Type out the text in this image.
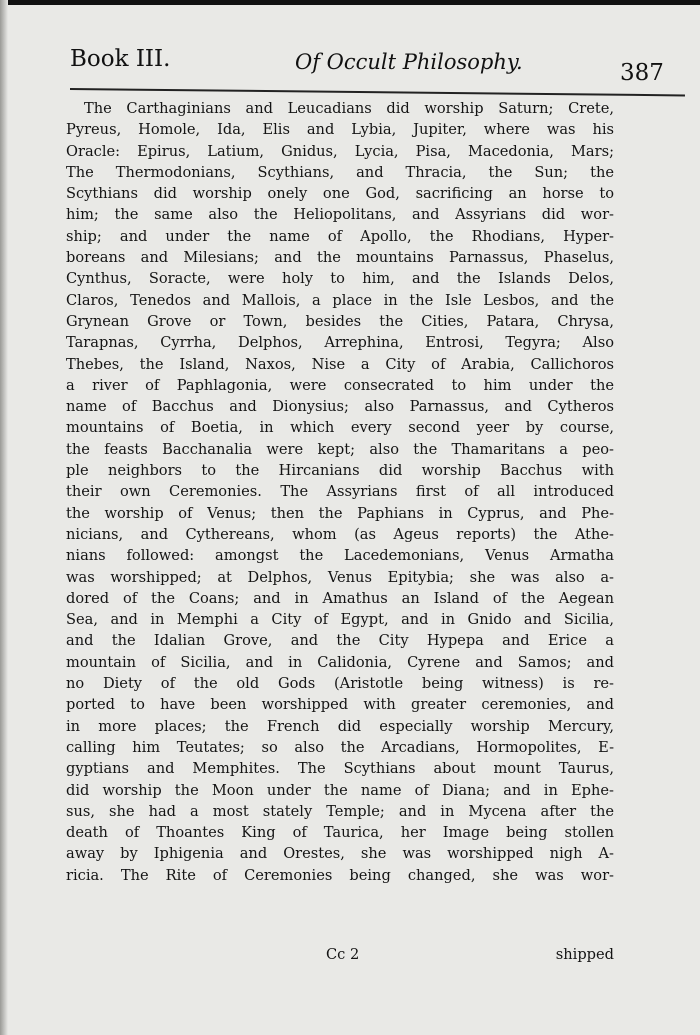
Book III.	Of Occult Philosophy.	387
The Carthaginians and Leucadians did worship Saturn; Crete,
Pyreus, Homole, Ida, Elis and Lybia, Jupiter, where was his
Oracle: Epirus, Latium, Gnidus, Lycia, Pisa, Macedonia, Mars;
The Thermodonians, Scythians, and Thracia, the Sun; the
Scythians did worship onely one God, sacrificing an horse to
him; the same also the Heliopolitans, and Assyrians did wor-
ship; and under the name of Apollo, the Rhodians, Hyper-
boreans and Milesians; and the mountains Parnassus, Phaselus,
Cynthus, Soracte, were holy to him, and the Islands Delos,
Claros, Tenedos and Mallois, a place in the Isle Lesbos, and the
Grynean Grove or Town, besides the Cities, Patara, Chrysa,
Tarapnas, Cyrrha, Delphos, Arrephina, Entrosi, Tegyra; Also
Thebes, the Island, Naxos, Nise a City of Arabia, Callichoros
a river of Paphlagonia, were consecrated to him under the
name of Bacchus and Dionysius; also Parnassus, and Cytheros
mountains of Boetia, in which every second yeer by course,
the feasts Bacchanalia were kept; also the Thamaritans a peo-
ple neighbors to the Hircanians did worship Bacchus with
their own Ceremonies. The Assyrians first of all introduced
the worship of Venus; then the Paphians in Cyprus, and Phe-
nicians, and Cythereans, whom (as Ageus reports) the Athe-
nians followed: amongst the Lacedemonians, Venus Armatha
was worshipped; at Delphos, Venus Epitybia; she was also a-
dored of the Coans; and in Amathus an Island of the Aegean
Sea, and in Memphi a City of Egypt, and in Gnido and Sicilia,
and the Idalian Grove, and the City Hypepa and Erice a
mountain of Sicilia, and in Calidonia, Cyrene and Samos; and
no Diety of the old Gods (Aristotle being witness) is re-
ported to have been worshipped with greater ceremonies, and
in more places; the French did especially worship Mercury,
calling him Teutates; so also the Arcadians, Hormopolites, E-
gyptians and Memphites. The Scythians about mount Taurus,
did worship the Moon under the name of Diana; and in Ephe-
sus, she had a most stately Temple; and in Mycena after the
death of Thoantes King of Taurica, her Image being stollen
away by Iphigenia and Orestes, she was worshipped nigh A-
ricia. The Rite of Ceremonies being changed, she was wor-
Cc 2	shipped
